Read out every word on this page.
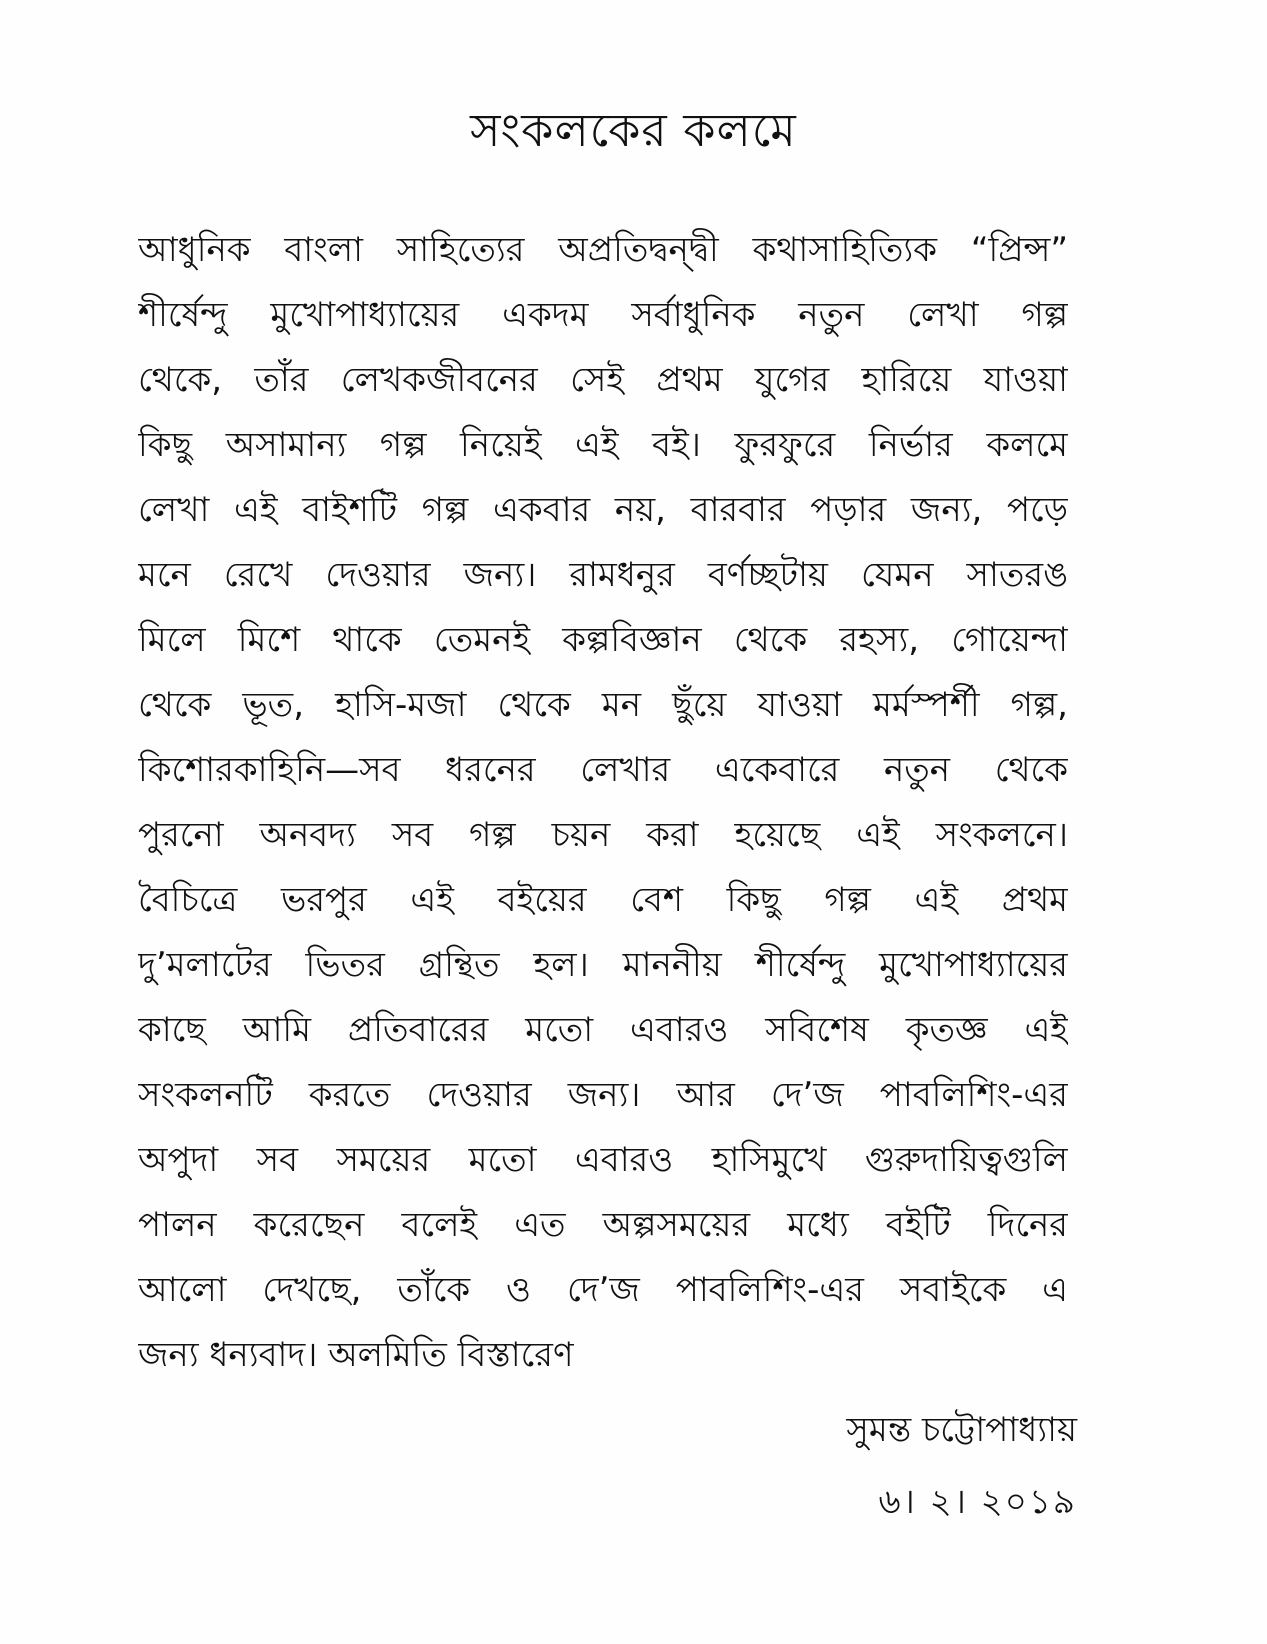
সংকলকের কলমে
আধুনিক বাংলা সাহিত্যের অপ্রতিদ্বন্দ্বী কথাসাহিত্যিক “প্রিন্স”
শীর্ষেন্দু মুখোপাধ্যায়ের একদম সর্বাধুনিক নতুন লেখা গল্প
থেকে, তাঁর লেখকজীবনের সেই প্রথম যুগের হারিয়ে যাওয়া
কিছু অসামান্য গল্প নিয়েই এই বই। ফুরফুরে নির্ভার কলমে
লেখা এই বাইশটি গল্প একবার নয়, বারবার পড়ার জন্য, পড়ে
মনে রেখে দেওয়ার জন্য। রামধনুর বর্ণচ্ছটায় যেমন সাতরঙ
মিলে মিশে থাকে তেমনই কল্পবিজ্ঞান থেকে রহস্য, গোয়েন্দা
থেকে ভূত, হাসি-মজা থেকে মন ছুঁয়ে যাওয়া মর্মস্পর্শী গল্প,
কিশোরকাহিনি—সব ধরনের লেখার একেবারে নতুন থেকে
পুরনো অনবদ্য সব গল্প চয়ন করা হয়েছে এই সংকলনে।
বৈচিত্রে ভরপুর এই বইয়ের বেশ কিছু গল্প এই প্রথম
দু’মলাটের ভিতর গ্রন্থিত হল। মাননীয় শীর্ষেন্দু মুখোপাধ্যায়ের
কাছে আমি প্রতিবারের মতো এবারও সবিশেষ কৃতজ্ঞ এই
সংকলনটি করতে দেওয়ার জন্য। আর দে’জ পাবলিশিং-এর
অপুদা সব সময়ের মতো এবারও হাসিমুখে গুরুদায়িত্বগুলি
পালন করেছেন বলেই এত অল্পসময়ের মধ্যে বইটি দিনের
আলো দেখছে, তাঁকে ও দে’জ পাবলিশিং-এর সবাইকে এ
জন্য ধন্যবাদ। অলমিতি বিস্তারেণ
সুমন্ত চট্টোপাধ্যায়
৬। ২। ২০১৯
